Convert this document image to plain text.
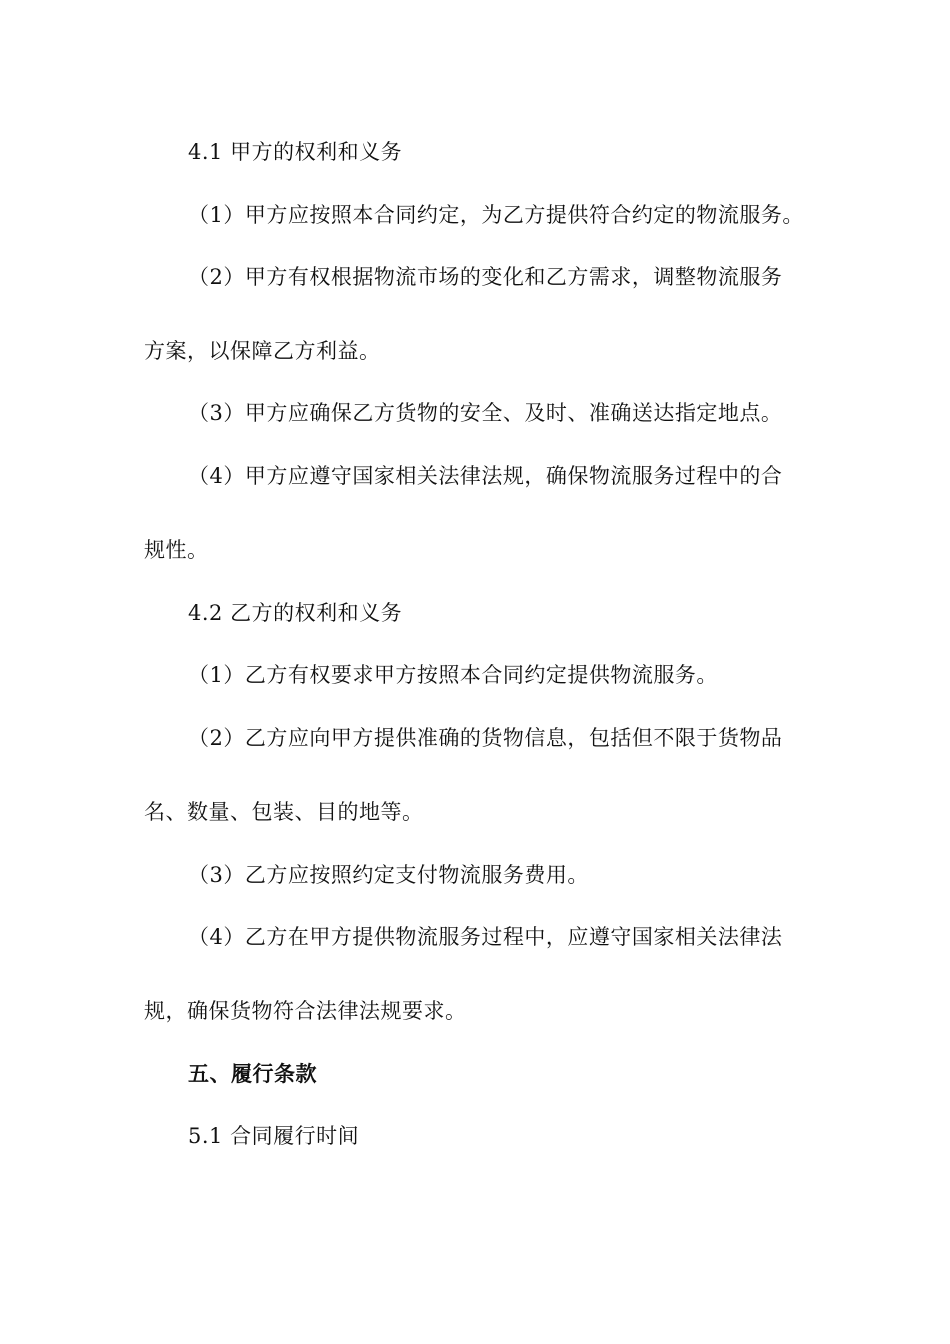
4.1 甲方的权利和义务

（1）甲方应按照本合同约定，为乙方提供符合约定的物流服务。

（2）甲方有权根据物流市场的变化和乙方需求，调整物流服务

方案，以保障乙方利益。

（3）甲方应确保乙方货物的安全、及时、准确送达指定地点。

（4）甲方应遵守国家相关法律法规，确保物流服务过程中的合

规性。

4.2 乙方的权利和义务

（1）乙方有权要求甲方按照本合同约定提供物流服务。

（2）乙方应向甲方提供准确的货物信息，包括但不限于货物品

名、数量、包装、目的地等。

（3）乙方应按照约定支付物流服务费用。

（4）乙方在甲方提供物流服务过程中，应遵守国家相关法律法

规，确保货物符合法律法规要求。

五、履行条款

5.1 合同履行时间
